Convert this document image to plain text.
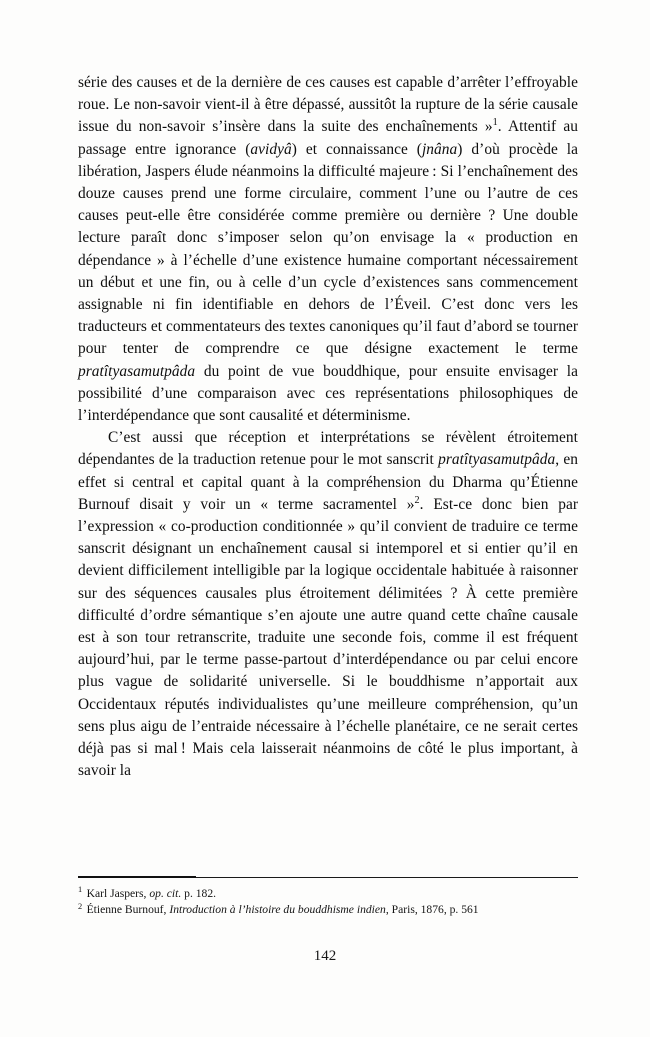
série des causes et de la dernière de ces causes est capable d’arrêter l’effroyable roue. Le non-savoir vient-il à être dépassé, aussitôt la rupture de la série causale issue du non-savoir s’insère dans la suite des enchaînements »$^1$. Attentif au passage entre ignorance (avidyâ) et connaissance (jnâna) d’où procède la libération, Jaspers élude néanmoins la difficulté majeure : Si l’enchaînement des douze causes prend une forme circulaire, comment l’une ou l’autre de ces causes peut-elle être considérée comme première ou dernière ? Une double lecture paraît donc s’imposer selon qu’on envisage la « production en dépendance » à l’échelle d’une existence humaine comportant nécessairement un début et une fin, ou à celle d’un cycle d’existences sans commencement assignable ni fin identifiable en dehors de l’Éveil. C’est donc vers les traducteurs et commentateurs des textes canoniques qu’il faut d’abord se tourner pour tenter de comprendre ce que désigne exactement le terme pratîtyasamutpâda du point de vue bouddhique, pour ensuite envisager la possibilité d’une comparaison avec ces représentations philosophiques de l’interdépendance que sont causalité et déterminisme.

C’est aussi que réception et interprétations se révèlent étroitement dépendantes de la traduction retenue pour le mot sanscrit pratîtyasamutpâda, en effet si central et capital quant à la compréhension du Dharma qu’Étienne Burnouf disait y voir un « terme sacramentel »$^2$. Est-ce donc bien par l’expression « co-production conditionnée » qu’il convient de traduire ce terme sanscrit désignant un enchaînement causal si intemporel et si entier qu’il en devient difficilement intelligible par la logique occidentale habituée à raisonner sur des séquences causales plus étroitement délimitées ? À cette première difficulté d’ordre sémantique s’en ajoute une autre quand cette chaîne causale est à son tour retranscrite, traduite une seconde fois, comme il est fréquent aujourd’hui, par le terme passe-partout d’interdépendance ou par celui encore plus vague de solidarité universelle. Si le bouddhisme n’apportait aux Occidentaux réputés individualistes qu’une meilleure compréhension, qu’un sens plus aigu de l’entraide nécessaire à l’échelle planétaire, ce ne serait certes déjà pas si mal ! Mais cela laisserait néanmoins de côté le plus important, à savoir la

$^1$ Karl Jaspers, op. cit. p. 182.

$^2$ Étienne Burnouf, Introduction à l’histoire du bouddhisme indien, Paris, 1876, p. 561

142
